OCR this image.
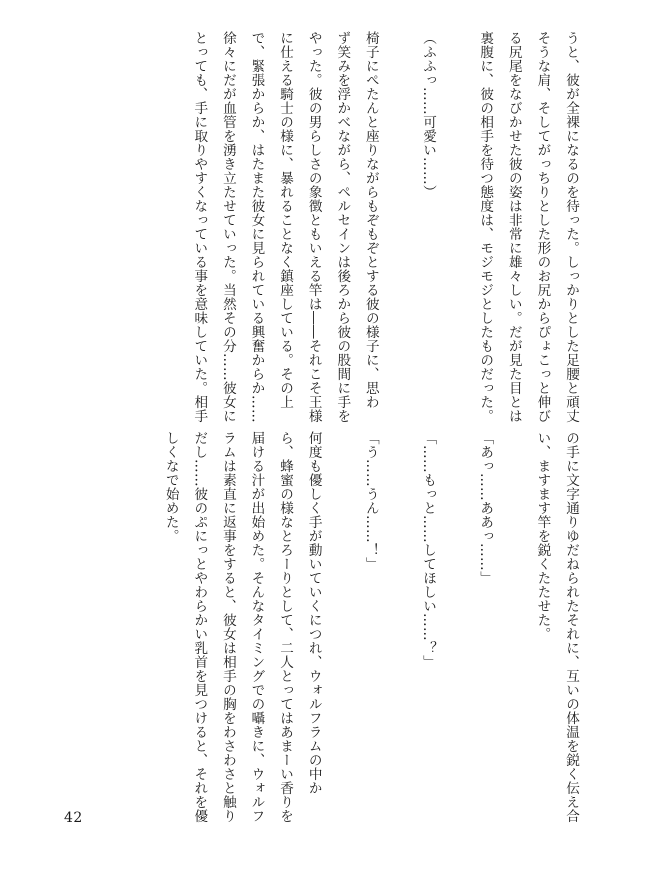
うと、彼が全裸になるのを待った。しっかりとした足腰と頑丈
そうな肩、そしてがっちりとした形のお尻からぴょこっと伸び
る尻尾をなびかせた彼の姿は非常に雄々しい。だが見た目とは
裏腹に、彼の相手を待つ態度は、モジモジとしたものだった。

（ふふっ……可愛い……）

椅子にぺたんと座りながらもぞもぞとする彼の様子に、思わ
ず笑みを浮かべながら、ペルセインは後ろから彼の股間に手を
やった。彼の男らしさの象徴ともいえる竿は――それこそ王様
に仕える騎士の様に、暴れることなく鎮座している。その上
で、緊張からか、はたまた彼女に見られている興奮からか……
徐々にだが血管を湧き立たせていった。当然その分……彼女に
とっても、手に取りやすくなっている事を意味していた。相手
の手に文字通りゆだねられたそれに、互いの体温を鋭く伝え合
い、ますます竿を鋭くたたせた。

「あっ……ああっ……」

「……もっと……してほしい……？」

「う……うん……！」

何度も優しく手が動いていくにつれ、ウォルフラムの中か
ら、蜂蜜の様なとろーりとして、二人とってはあまーい香りを
届ける汁が出始めた。そんなタイミングでの囁きに、ウォルフ
ラムは素直に返事をすると、彼女は相手の胸をわさわさと触り
だし……彼のぷにっとやわらかい乳首を見つけると、それを優
しくなで始めた。
42
